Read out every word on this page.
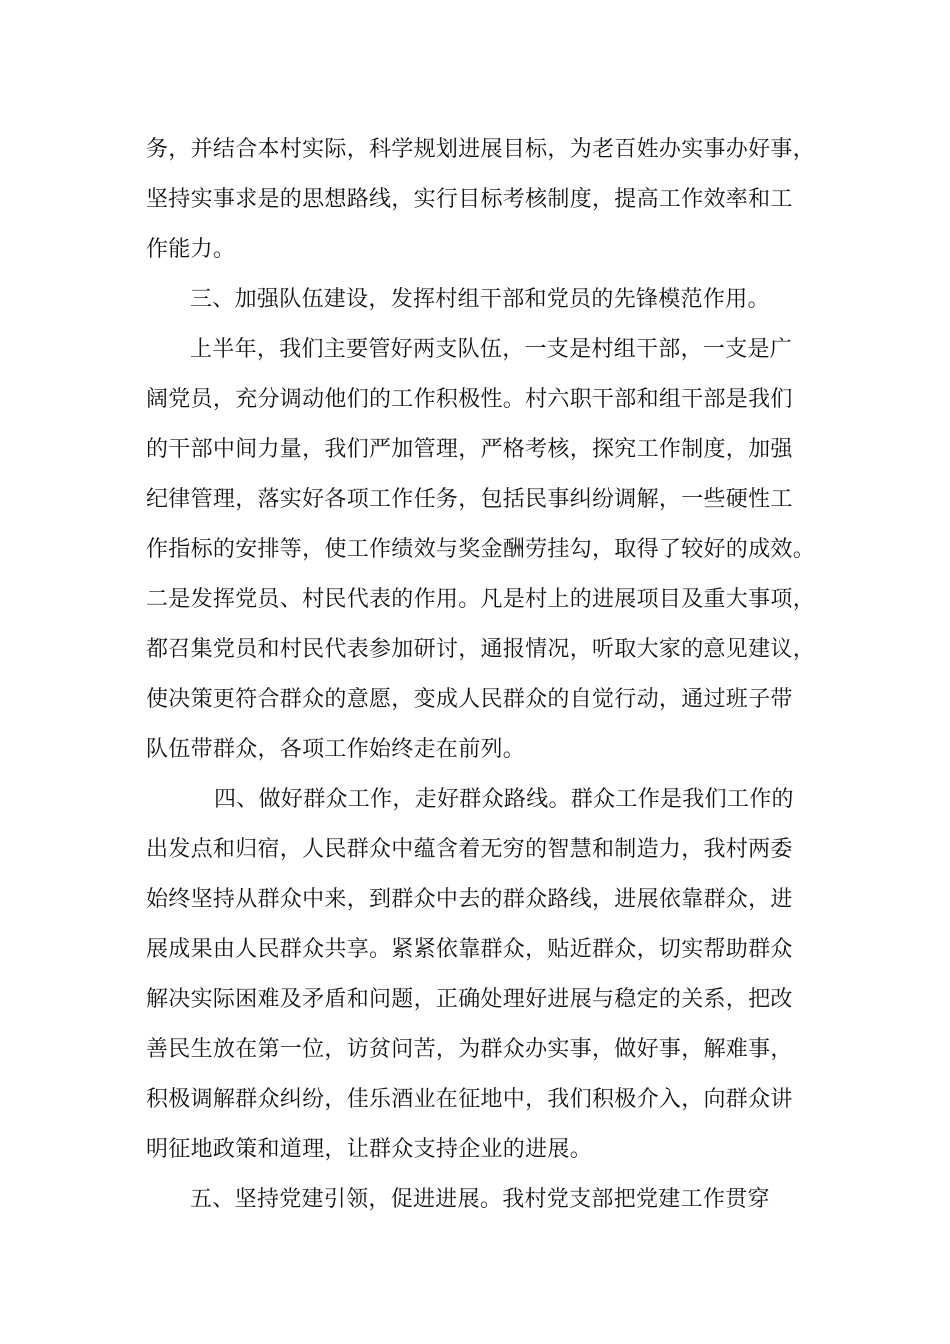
务，并结合本村实际，科学规划进展目标，为老百姓办实事办好事，
坚持实事求是的思想路线，实行目标考核制度，提高工作效率和工
作能力。
三、加强队伍建设，发挥村组干部和党员的先锋模范作用。
上半年，我们主要管好两支队伍，一支是村组干部，一支是广
阔党员，充分调动他们的工作积极性。村六职干部和组干部是我们
的干部中间力量，我们严加管理，严格考核，探究工作制度，加强
纪律管理，落实好各项工作任务，包括民事纠纷调解，一些硬性工
作指标的安排等，使工作绩效与奖金酬劳挂勾，取得了较好的成效。
二是发挥党员、村民代表的作用。凡是村上的进展项目及重大事项，
都召集党员和村民代表参加研讨，通报情况，听取大家的意见建议，
使决策更符合群众的意愿，变成人民群众的自觉行动，通过班子带
队伍带群众，各项工作始终走在前列。
四、做好群众工作，走好群众路线。群众工作是我们工作的
出发点和归宿，人民群众中蕴含着无穷的智慧和制造力，我村两委
始终坚持从群众中来，到群众中去的群众路线，进展依靠群众，进
展成果由人民群众共享。紧紧依靠群众，贴近群众，切实帮助群众
解决实际困难及矛盾和问题，正确处理好进展与稳定的关系，把改
善民生放在第一位，访贫问苦，为群众办实事，做好事，解难事，
积极调解群众纠纷，佳乐酒业在征地中，我们积极介入，向群众讲
明征地政策和道理，让群众支持企业的进展。
五、坚持党建引领，促进进展。我村党支部把党建工作贯穿
